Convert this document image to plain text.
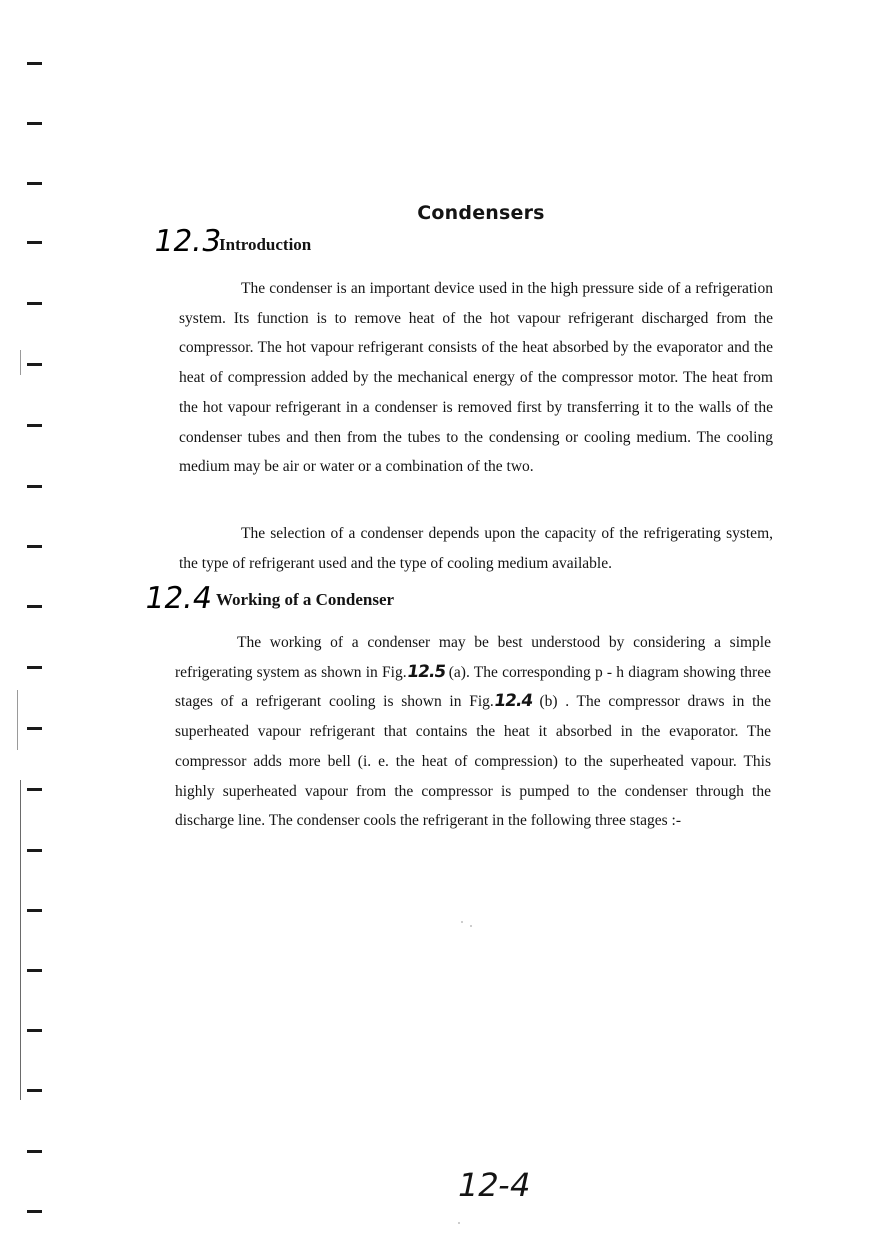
Condensers
12.3
Introduction

The condenser is an important device used in the high pressure side of a refrigeration system. Its function is to remove heat of the hot vapour refrigerant discharged from the compressor. The hot vapour refrigerant consists of the heat absorbed by the evaporator and the heat of compression added by the mechanical energy of the compressor motor. The heat from the hot vapour refrigerant in a condenser is removed first by transferring it to the walls of the condenser tubes and then from the tubes to the condensing or cooling medium. The cooling medium may be air or water or a combination of the two.

The selection of a condenser depends upon the capacity of the refrigerating system, the type of refrigerant used and the type of cooling medium available.

12.4 Working of a Condenser

The working of a condenser may be best understood by considering a simple refrigerating system as shown in Fig.12.5 (a). The corresponding p - h diagram showing three stages of a refrigerant cooling is shown in Fig.12.4 (b) . The compressor draws in the superheated vapour refrigerant that contains the heat it absorbed in the evaporator. The compressor adds more bell (i. e. the heat of compression) to the superheated vapour. This highly superheated vapour from the compressor is pumped to the condenser through the discharge line. The condenser cools the refrigerant in the following three stages :-

12-4
